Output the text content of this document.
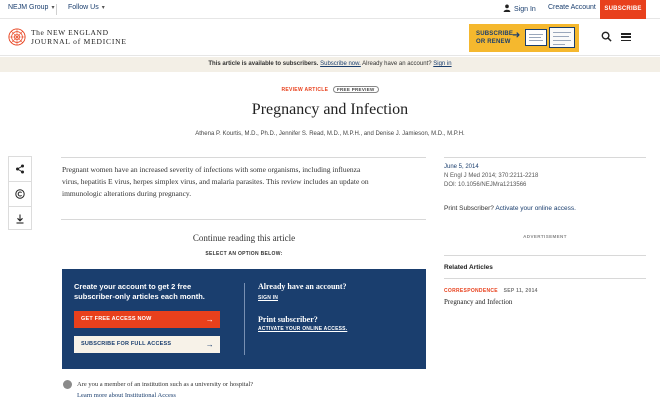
NEJM Group ▾ Follow Us ▾	Sign In Create Account	SUBSCRIBE
The NEW ENGLAND
JOURNAL of MEDICINE
SUBSCRIBE
OR RENEW
➜
This article is available to subscribers. Subscribe now. Already have an account? Sign in
REVIEW ARTICLE FREE PREVIEW
Pregnancy and Infection
Athena P. Kourtis, M.D., Ph.D., Jennifer S. Read, M.D., M.P.H., and Denise J. Jamieson, M.D., M.P.H.
Pregnant women have an increased severity of infections with some organisms, including influenza
virus, hepatitis E virus, herpes simplex virus, and malaria parasites. This review includes an update on
immunologic alterations during pregnancy.
Continue reading this article
SELECT AN OPTION BELOW:
Create your account to get 2 free subscriber-only articles each month.
GET FREE ACCESS NOW	→
SUBSCRIBE FOR FULL ACCESS	→
Already have an account?
SIGN IN
Print subscriber?
ACTIVATE YOUR ONLINE ACCESS.
Are you a member of an institution such as a university or hospital?
Learn more about Institutional Access
June 5, 2014
N Engl J Med 2014; 370:2211-2218
DOI: 10.1056/NEJMra1213566
Print Subscriber? Activate your online access.
ADVERTISEMENT
Related Articles
CORRESPONDENCE SEP 11, 2014
Pregnancy and Infection
